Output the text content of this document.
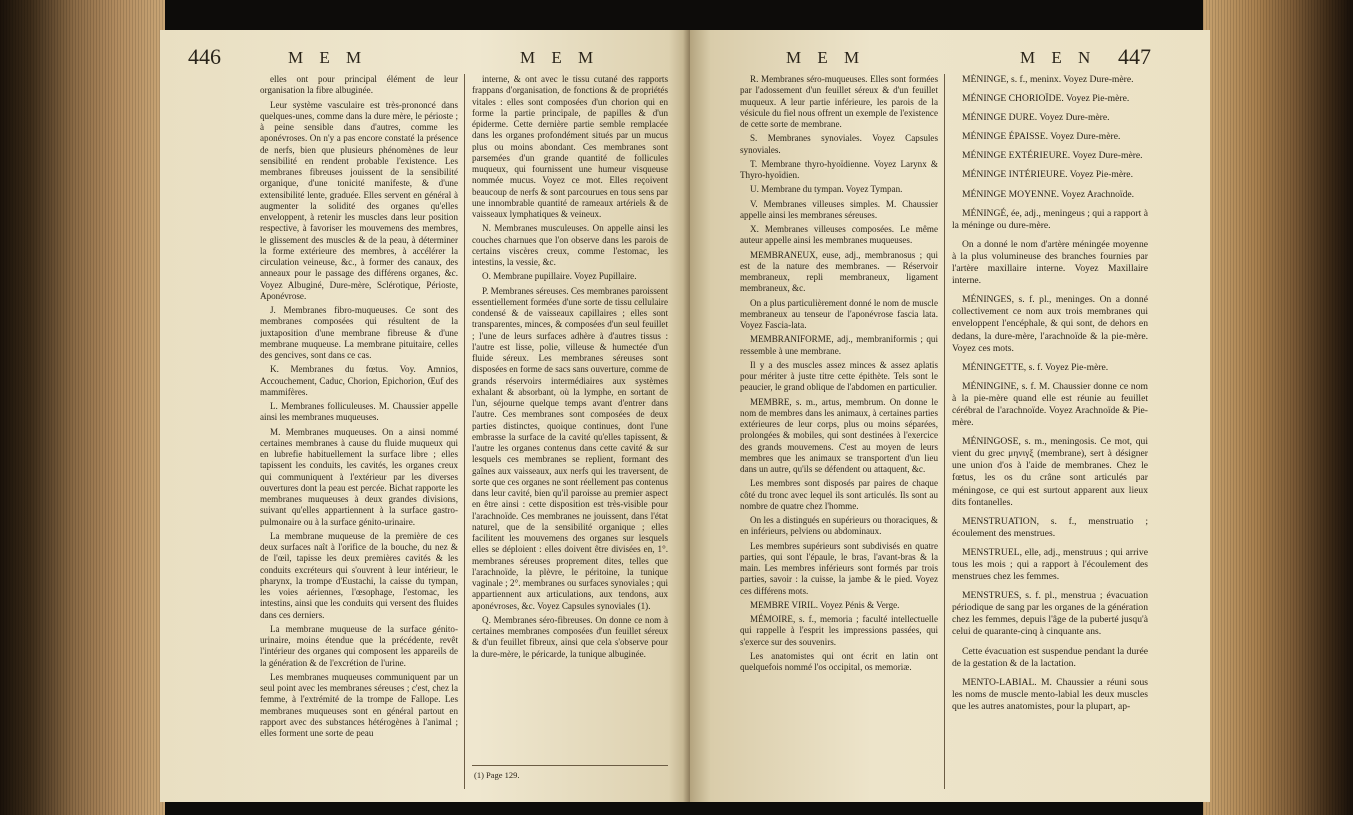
446	M E M	M E M

elles ont pour principal élément de leur organisation la fibre albuginée.

Leur système vasculaire est très-prononcé dans quelques-unes, comme dans la dure mère, le périoste ; à peine sensible dans d'autres, comme les aponévroses. On n'y a pas encore constaté la présence de nerfs, bien que plusieurs phénomènes de leur sensibilité en rendent probable l'existence. Les membranes fibreuses jouissent de la sensibilité organique, d'une tonicité manifeste, & d'une extensibilité lente, graduée. Elles servent en général à augmenter la solidité des organes qu'elles enveloppent, à retenir les muscles dans leur position respective, à favoriser les mouvemens des membres, le glissement des muscles & de la peau, à déterminer la forme extérieure des membres, à accélérer la circulation veineuse, &c., à former des canaux, des anneaux pour le passage des différens organes, &c. Voyez Albuginé, Dure-mère, Sclérotique, Périoste, Aponévrose.

J. Membranes fibro-muqueuses. Ce sont des membranes composées qui résultent de la juxtaposition d'une membrane fibreuse & d'une membrane muqueuse. La membrane pituitaire, celles des gencives, sont dans ce cas.

K. Membranes du fœtus. Voy. Amnios, Accouchement, Caduc, Chorion, Epichorion, Œuf des mammifères.

L. Membranes folliculeuses. M. Chaussier appelle ainsi les membranes muqueuses.

M. Membranes muqueuses. On a ainsi nommé certaines membranes à cause du fluide muqueux qui en lubrefie habituellement la surface libre ; elles tapissent les conduits, les cavités, les organes creux qui communiquent à l'extérieur par les diverses ouvertures dont la peau est percée. Bichat rapporte les membranes muqueuses à deux grandes divisions, suivant qu'elles appartiennent à la surface gastro-pulmonaire ou à la surface génito-urinaire.

La membrane muqueuse de la première de ces deux surfaces naît à l'orifice de la bouche, du nez & de l'œil, tapisse les deux premières cavités & les conduits excréteurs qui s'ouvrent à leur intérieur, le pharynx, la trompe d'Eustachi, la caisse du tympan, les voies aériennes, l'œsophage, l'estomac, les intestins, ainsi que les conduits qui versent des fluides dans ces derniers.

La membrane muqueuse de la surface génito-urinaire, moins étendue que la précédente, revêt l'intérieur des organes qui composent les appareils de la génération & de l'excrétion de l'urine.

Les membranes muqueuses communiquent par un seul point avec les membranes séreuses ; c'est, chez la femme, à l'extrémité de la trompe de Fallope. Les membranes muqueuses sont en général partout en rapport avec des substances hétérogènes à l'animal ; elles forment une sorte de peau

interne, & ont avec le tissu cutané des rapports frappans d'organisation, de fonctions & de propriétés vitales : elles sont composées d'un chorion qui en forme la partie principale, de papilles & d'un épiderme. Cette dernière partie semble remplacée dans les organes profondément situés par un mucus plus ou moins abondant. Ces membranes sont parsemées d'un grande quantité de follicules muqueux, qui fournissent une humeur visqueuse nommée mucus. Voyez ce mot. Elles reçoivent beaucoup de nerfs & sont parcourues en tous sens par une innombrable quantité de rameaux artériels & de vaisseaux lymphatiques & veineux.

N. Membranes musculeuses. On appelle ainsi les couches charnues que l'on observe dans les parois de certains viscères creux, comme l'estomac, les intestins, la vessie, &c.

O. Membrane pupillaire. Voyez Pupillaire.

P. Membranes séreuses. Ces membranes paroissent essentiellement formées d'une sorte de tissu cellulaire condensé & de vaisseaux capillaires ; elles sont transparentes, minces, & composées d'un seul feuillet ; l'une de leurs surfaces adhère à d'autres tissus : l'autre est lisse, polie, villeuse & humectée d'un fluide séreux. Les membranes séreuses sont disposées en forme de sacs sans ouverture, comme de grands réservoirs intermédiaires aux systèmes exhalant & absorbant, où la lymphe, en sortant de l'un, séjourne quelque temps avant d'entrer dans l'autre. Ces membranes sont composées de deux parties distinctes, quoique continues, dont l'une embrasse la surface de la cavité qu'elles tapissent, & l'autre les organes contenus dans cette cavité & sur lesquels ces membranes se replient, formant des gaînes aux vaisseaux, aux nerfs qui les traversent, de sorte que ces organes ne sont réellement pas contenus dans leur cavité, bien qu'il paroisse au premier aspect en être ainsi : cette disposition est très-visible pour l'arachnoïde. Ces membranes ne jouissent, dans l'état naturel, que de la sensibilité organique ; elles facilitent les mouvemens des organes sur lesquels elles se déploient : elles doivent être divisées en, 1°. membranes séreuses proprement dites, telles que l'arachnoïde, la plèvre, le péritoine, la tunique vaginale ; 2°. membranes ou surfaces synoviales ; qui appartiennent aux articulations, aux tendons, aux aponévroses, &c. Voyez Capsules synoviales (1).

Q. Membranes séro-fibreuses. On donne ce nom à certaines membranes composées d'un feuillet séreux & d'un feuillet fibreux, ainsi que cela s'observe pour la dure-mère, le péricarde, la tunique albuginée.

(1) Page 129.
M E M	M E N 447

R. Membranes séro-muqueuses. Elles sont formées par l'adossement d'un feuillet séreux & d'un feuillet muqueux. A leur partie inférieure, les parois de la vésicule du fiel nous offrent un exemple de l'existence de cette sorte de membrane.

S. Membranes synoviales. Voyez Capsules synoviales.

T. Membrane thyro-hyoïdienne. Voyez Larynx & Thyro-hyoïdien.

U. Membrane du tympan. Voyez Tympan.

V. Membranes villeuses simples. M. Chaussier appelle ainsi les membranes séreuses.

X. Membranes villeuses composées. Le même auteur appelle ainsi les membranes muqueuses.

MEMBRANEUX, euse, adj., membranosus ; qui est de la nature des membranes. — Réservoir membraneux, repli membraneux, ligament membraneux, &c.

On a plus particulièrement donné le nom de muscle membraneux au tenseur de l'aponévrose fascia lata. Voyez Fascia-lata.

MEMBRANIFORME, adj., membraniformis ; qui ressemble à une membrane.

Il y a des muscles assez minces & assez aplatis pour mériter à juste titre cette épithète. Tels sont le peaucier, le grand oblique de l'abdomen en particulier.

MEMBRE, s. m., artus, membrum. On donne le nom de membres dans les animaux, à certaines parties extérieures de leur corps, plus ou moins séparées, prolongées & mobiles, qui sont destinées à l'exercice des grands mouvemens. C'est au moyen de leurs membres que les animaux se transportent d'un lieu dans un autre, qu'ils se défendent ou attaquent, &c.

Les membres sont disposés par paires de chaque côté du tronc avec lequel ils sont articulés. Ils sont au nombre de quatre chez l'homme.

On les a distingués en supérieurs ou thoraciques, & en inférieurs, pelviens ou abdominaux.

Les membres supérieurs sont subdivisés en quatre parties, qui sont l'épaule, le bras, l'avant-bras & la main. Les membres inférieurs sont formés par trois parties, savoir : la cuisse, la jambe & le pied. Voyez ces différens mots.

MEMBRE VIRIL. Voyez Pénis & Verge.

MÉMOIRE, s. f., memoria ; faculté intellectuelle qui rappelle à l'esprit les impressions passées, qui s'exerce sur des souvenirs.

Les anatomistes qui ont écrit en latin ont quelquefois nommé l'os occipital, os memoriæ.

MÉNINGE, s. f., meninx. Voyez Dure-mère.

MÉNINGE CHORIOÏDE. Voyez Pie-mère.

MÉNINGE DURE. Voyez Dure-mère.

MÉNINGE ÉPAISSE. Voyez Dure-mère.

MÉNINGE EXTÉRIEURE. Voyez Dure-mère.

MÉNINGE INTÉRIEURE. Voyez Pie-mère.

MÉNINGE MOYENNE. Voyez Arachnoïde.

MÉNINGÉ, ée, adj., meningeus ; qui a rapport à la méninge ou dure-mère.

On a donné le nom d'artère méningée moyenne à la plus volumineuse des branches fournies par l'artère maxillaire interne. Voyez Maxillaire interne.

MÉNINGES, s. f. pl., meninges. On a donné collectivement ce nom aux trois membranes qui enveloppent l'encéphale, & qui sont, de dehors en dedans, la dure-mère, l'arachnoïde & la pie-mère. Voyez ces mots.

MÉNINGETTE, s. f. Voyez Pie-mère.

MÉNINGINE, s. f. M. Chaussier donne ce nom à la pie-mère quand elle est réunie au feuillet cérébral de l'arachnoïde. Voyez Arachnoïde & Pie-mère.

MÉNINGOSE, s. m., meningosis. Ce mot, qui vient du grec μηνιγξ (membrane), sert à désigner une union d'os à l'aide de membranes. Chez le fœtus, les os du crâne sont articulés par méningose, ce qui est surtout apparent aux lieux dits fontanelles.

MENSTRUATION, s. f., menstruatio ; écoulement des menstrues.

MENSTRUEL, elle, adj., menstruus ; qui arrive tous les mois ; qui a rapport à l'écoulement des menstrues chez les femmes.

MENSTRUES, s. f. pl., menstrua ; évacuation périodique de sang par les organes de la génération chez les femmes, depuis l'âge de la puberté jusqu'à celui de quarante-cinq à cinquante ans.

Cette évacuation est suspendue pendant la durée de la gestation & de la lactation.

MENTO-LABIAL. M. Chaussier a réuni sous les noms de muscle mento-labial les deux muscles que les autres anatomistes, pour la plupart, ap-
